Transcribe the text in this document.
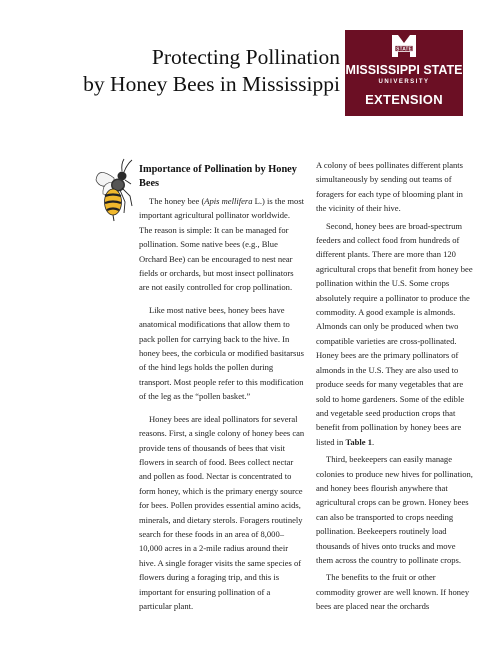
Protecting Pollination
by Honey Bees in Mississippi
STATE
MISSISSIPPI STATE
UNIVERSITY
EXTENSION
Importance of Pollination by Honey Bees

The honey bee (Apis mellifera L.) is the most important agricultural pollinator worldwide. The reason is simple: It can be managed for pollination. Some native bees (e.g., Blue Orchard Bee) can be encouraged to nest near fields or orchards, but most insect pollinators are not easily controlled for crop pollination.

Like most native bees, honey bees have anatomical modifications that allow them to pack pollen for carrying back to the hive. In honey bees, the corbicula or modified basitarsus of the hind legs holds the pollen during transport. Most people refer to this modification of the leg as the “pollen basket.”

Honey bees are ideal pollinators for several reasons. First, a single colony of honey bees can provide tens of thousands of bees that visit flowers in search of food. Bees collect nectar and pollen as food. Nectar is concentrated to form honey, which is the primary energy source for bees. Pollen provides essential amino acids, minerals, and dietary sterols. Foragers routinely search for these foods in an area of 8,000–10,000 acres in a 2-mile radius around their hive. A single forager visits the same species of flowers during a foraging trip, and this is important for ensuring pollination of a particular plant.

A colony of bees pollinates different plants simultaneously by sending out teams of foragers for each type of blooming plant in the vicinity of their hive.

Second, honey bees are broad-spectrum feeders and collect food from hundreds of different plants. There are more than 120 agricultural crops that benefit from honey bee pollination within the U.S. Some crops absolutely require a pollinator to produce the commodity. A good example is almonds. Almonds can only be produced when two compatible varieties are cross-pollinated. Honey bees are the primary pollinators of almonds in the U.S. They are also used to produce seeds for many vegetables that are sold to home gardeners. Some of the edible and vegetable seed production crops that benefit from pollination by honey bees are listed in Table 1.

Third, beekeepers can easily manage colonies to produce new hives for pollination, and honey bees flourish anywhere that agricultural crops can be grown. Honey bees can also be transported to crops needing pollination. Beekeepers routinely load thousands of hives onto trucks and move them across the country to pollinate crops.

The benefits to the fruit or other commodity grower are well known. If honey bees are placed near the orchards
